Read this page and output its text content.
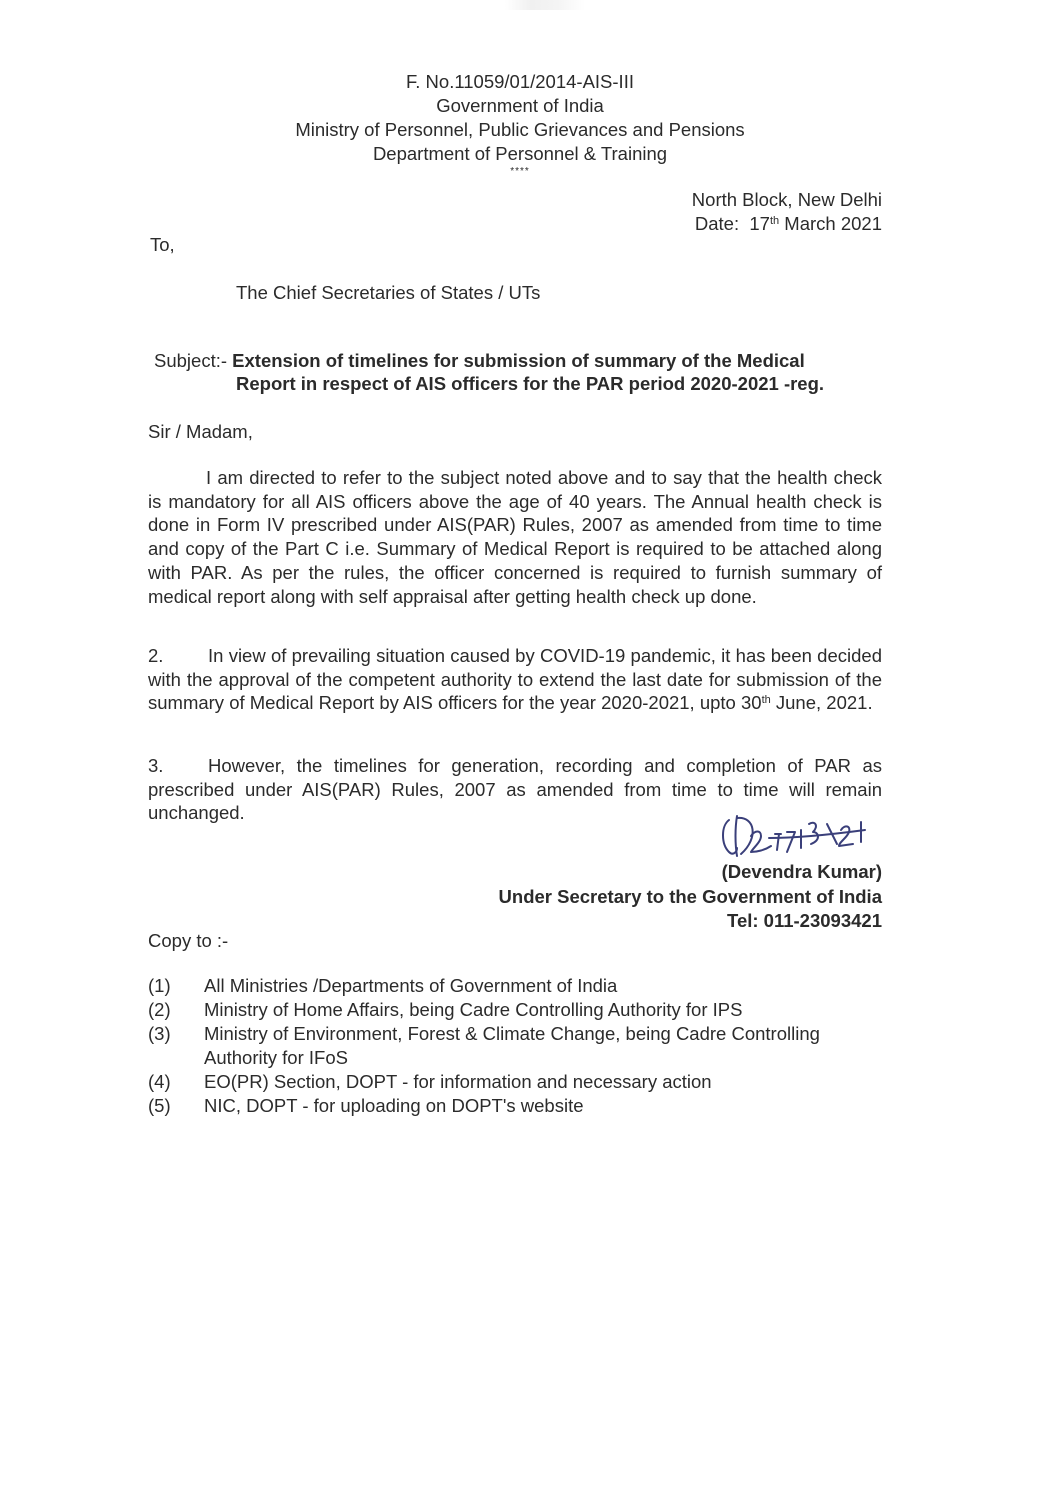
F. No.11059/01/2014-AIS-III
Government of India
Ministry of Personnel, Public Grievances and Pensions
Department of Personnel & Training
****
North Block, New Delhi
Date: 17th March 2021
To,
The Chief Secretaries of States / UTs
Subject:- Extension of timelines for submission of summary of the Medical
Report in respect of AIS officers for the PAR period 2020-2021 -reg.
Sir / Madam,
I am directed to refer to the subject noted above and to say that the health check is mandatory for all AIS officers above the age of 40 years. The Annual health check is done in Form IV prescribed under AIS(PAR) Rules, 2007 as amended from time to time and copy of the Part C i.e. Summary of Medical Report is required to be attached along with PAR. As per the rules, the officer concerned is required to furnish summary of medical report along with self appraisal after getting health check up done.
2. In view of prevailing situation caused by COVID-19 pandemic, it has been decided with the approval of the competent authority to extend the last date for submission of the summary of Medical Report by AIS officers for the year 2020-2021, upto 30th June, 2021.
3. However, the timelines for generation, recording and completion of PAR as prescribed under AIS(PAR) Rules, 2007 as amended from time to time will remain unchanged.
(Devendra Kumar)
Under Secretary to the Government of India
Tel: 011-23093421
Copy to :-
(1)	All Ministries /Departments of Government of India
(2)	Ministry of Home Affairs, being Cadre Controlling Authority for IPS
(3)	Ministry of Environment, Forest & Climate Change, being Cadre Controlling Authority for IFoS
(4)	EO(PR) Section, DOPT - for information and necessary action
(5)	NIC, DOPT - for uploading on DOPT's website
